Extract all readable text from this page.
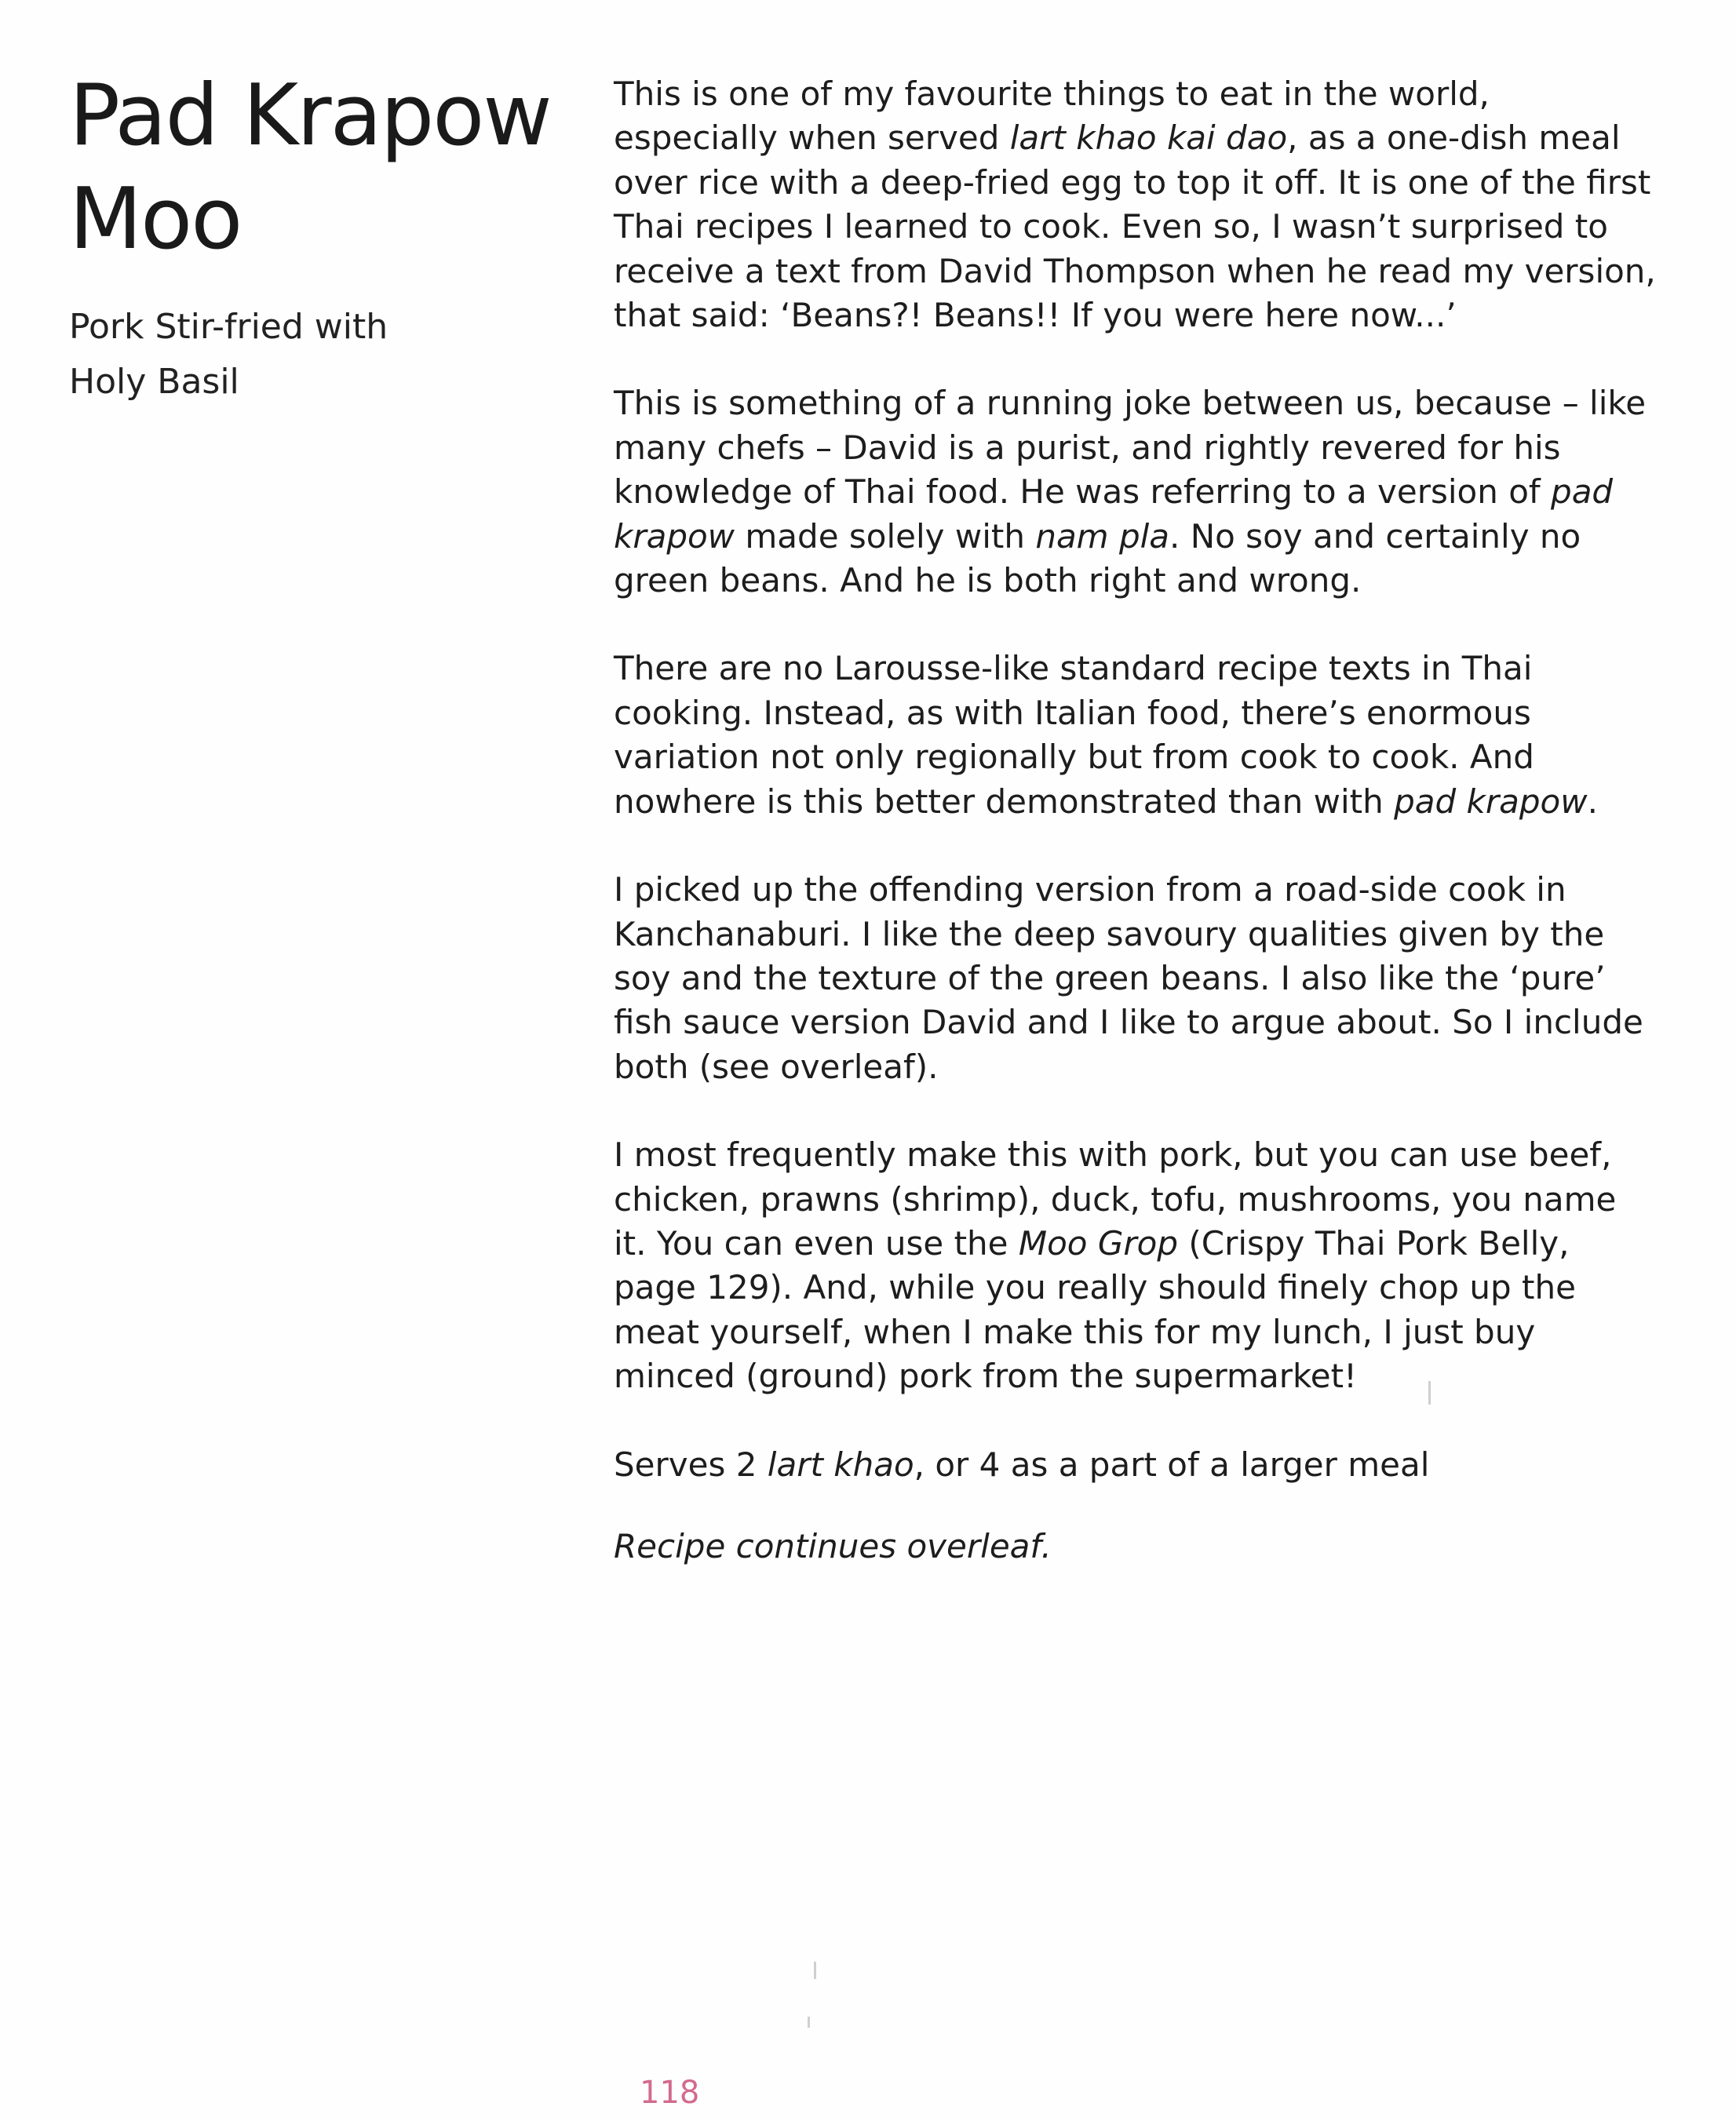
Pad Krapow
Moo
Pork Stir-fried with
Holy Basil

This is one of my favourite things to eat in the world, especially when served lart khao kai dao, as a one-dish meal over rice with a deep-fried egg to top it off. It is one of the first Thai recipes I learned to cook. Even so, I wasn’t surprised to receive a text from David Thompson when he read my version, that said: ‘Beans?! Beans!! If you were here now...’

This is something of a running joke between us, because – like many chefs – David is a purist, and rightly revered for his knowledge of Thai food. He was referring to a version of pad krapow made solely with nam pla. No soy and certainly no green beans. And he is both right and wrong.

There are no Larousse-like standard recipe texts in Thai cooking. Instead, as with Italian food, there’s enormous variation not only regionally but from cook to cook. And nowhere is this better demonstrated than with pad krapow.

I picked up the offending version from a road-side cook in Kanchanaburi. I like the deep savoury qualities given by the soy and the texture of the green beans. I also like the ‘pure’ fish sauce version David and I like to argue about. So I include both (see overleaf).

I most frequently make this with pork, but you can use beef, chicken, prawns (shrimp), duck, tofu, mushrooms, you name it. You can even use the Moo Grop (Crispy Thai Pork Belly, page 129). And, while you really should finely chop up the meat yourself, when I make this for my lunch, I just buy minced (ground) pork from the supermarket!

Serves 2 lart khao, or 4 as a part of a larger meal

Recipe continues overleaf.

118
